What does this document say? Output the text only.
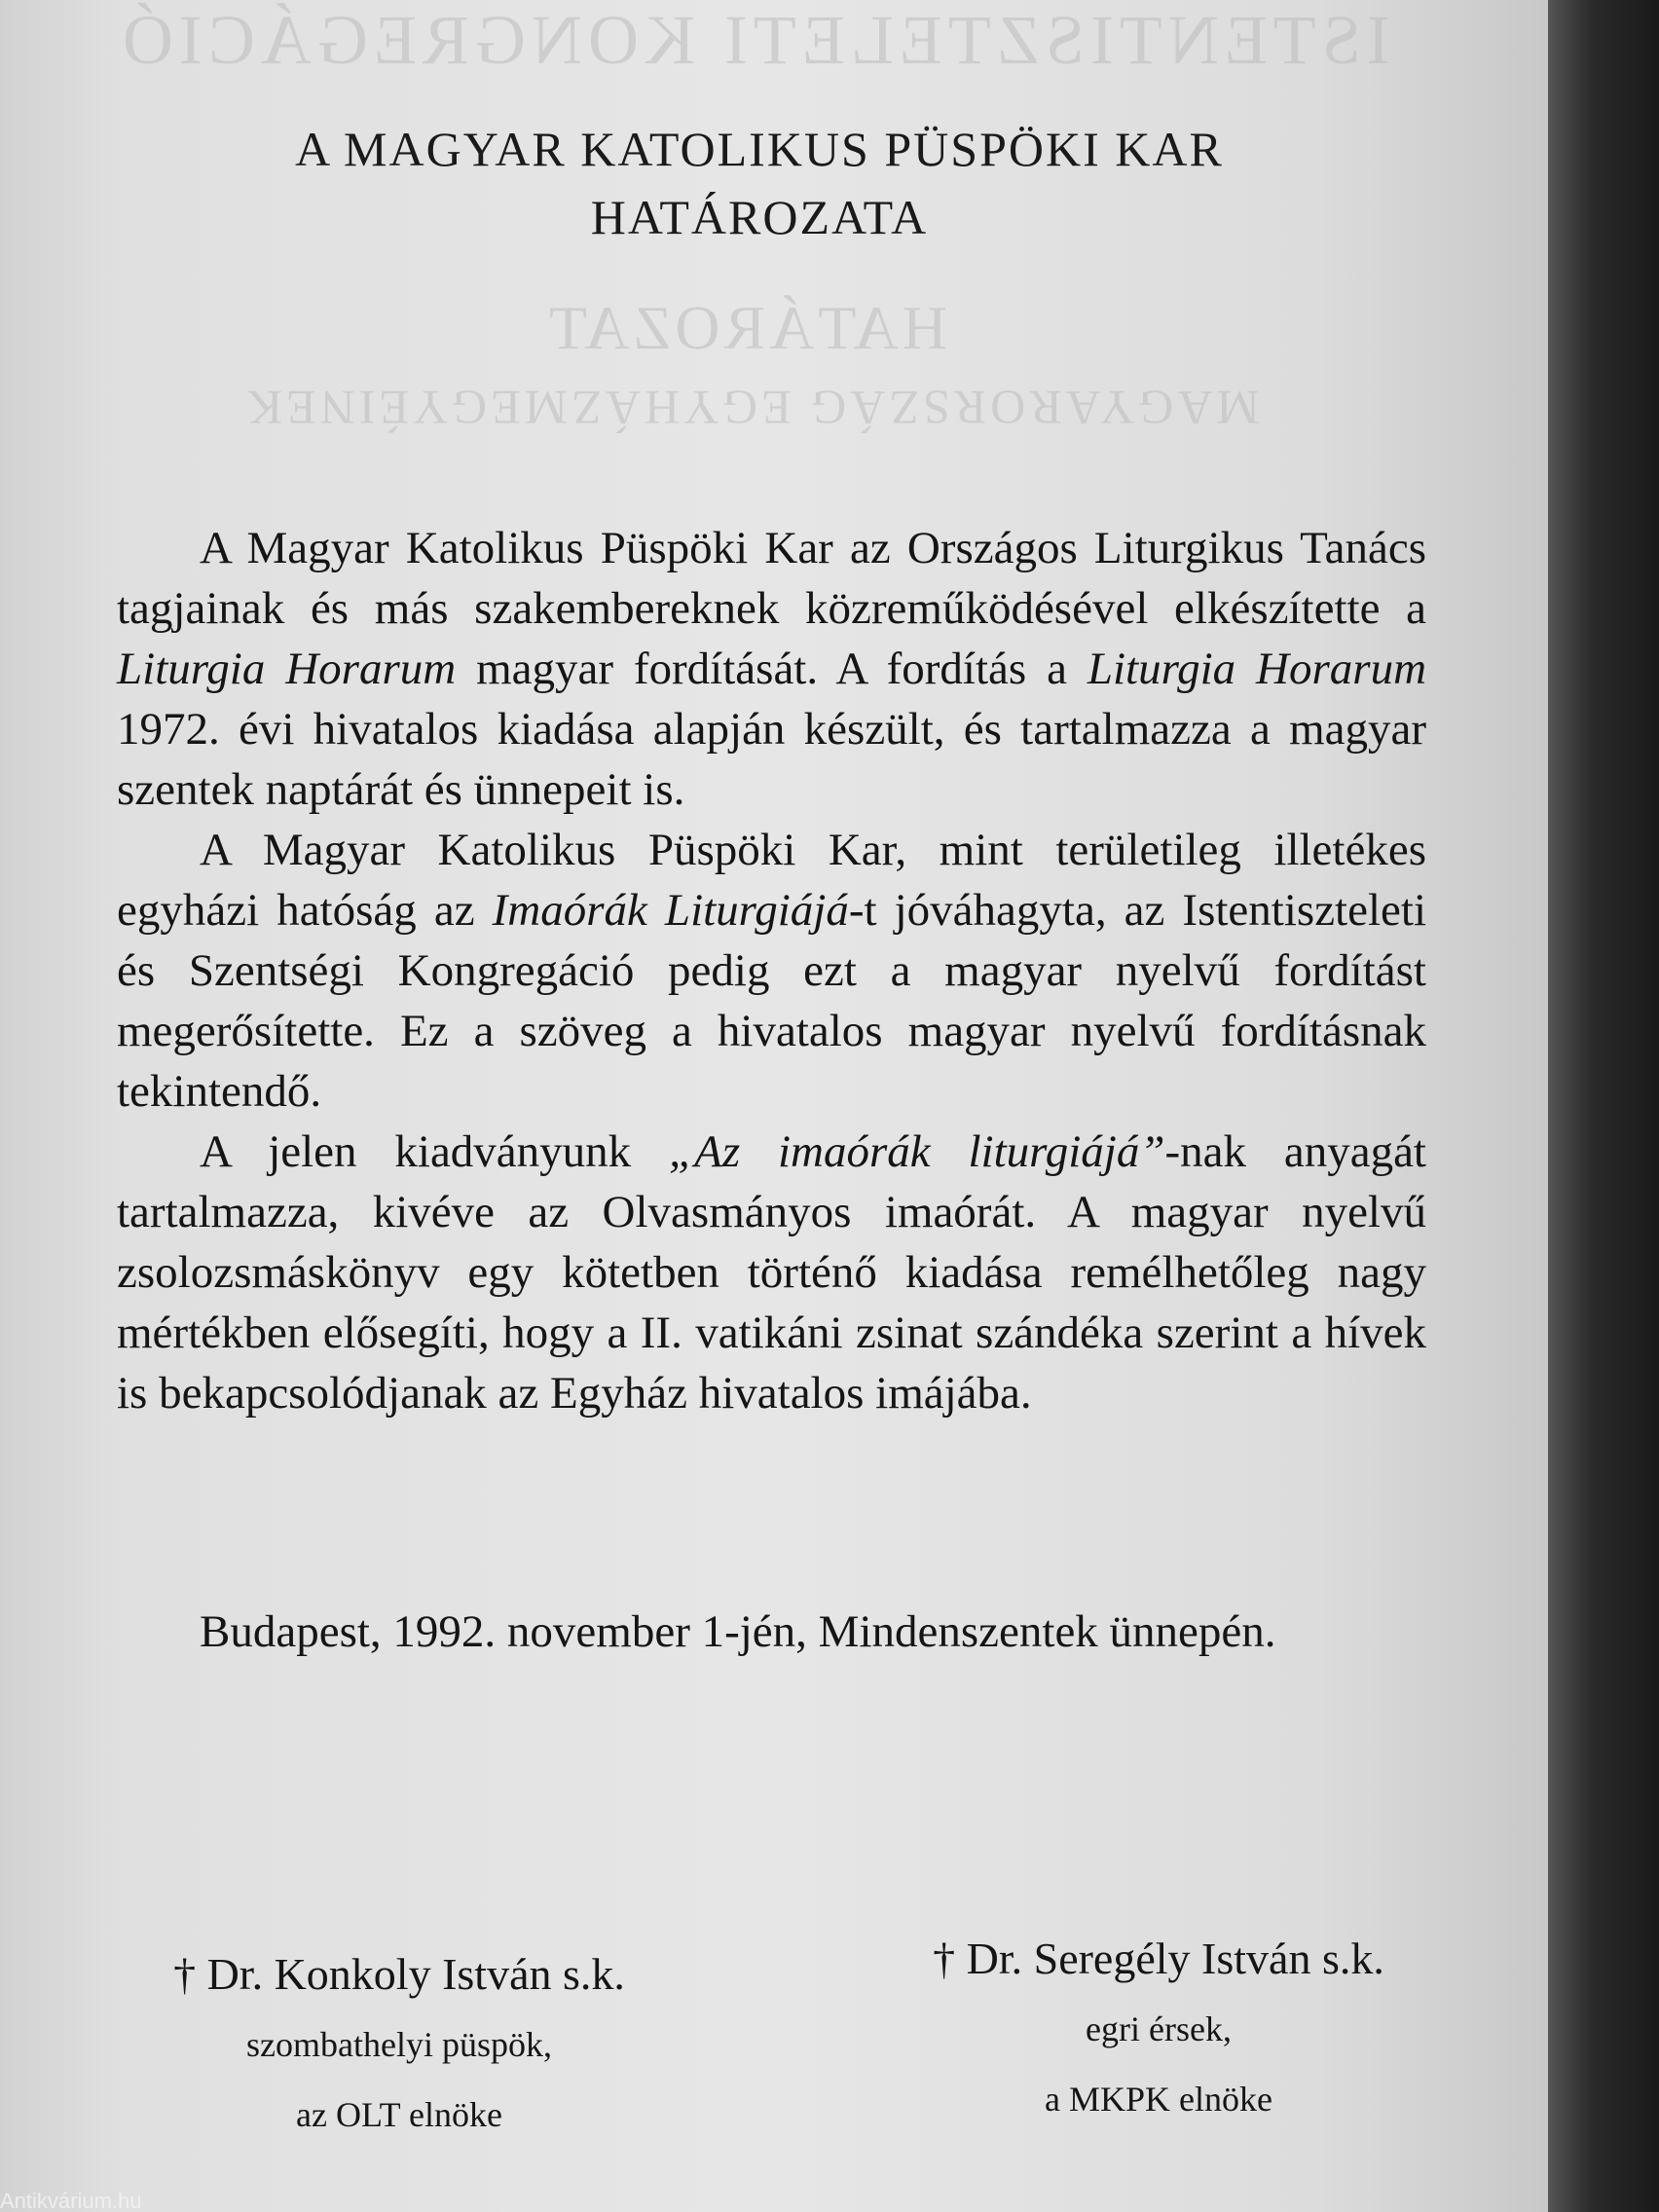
ISTENTISZTELETI KONGREGÁCIÓ
HATÁROZAT
MAGYARORSZÁG EGYHÁZMEGYÉINEK
A MAGYAR KATOLIKUS PÜSPÖKI KAR
HATÁROZATA

A Magyar Katolikus Püspöki Kar az Országos Liturgikus Tanács tagjainak és más szakembereknek közreműködésével elkészítette a Liturgia Horarum magyar fordítását. A fordítás a Liturgia Horarum 1972. évi hivatalos kiadása alapján készült, és tartalmazza a magyar szentek naptárát és ünnepeit is.

A Magyar Katolikus Püspöki Kar, mint területileg illetékes egyházi hatóság az Imaórák Liturgiájá-t jóváhagyta, az Istentiszteleti és Szentségi Kongregáció pedig ezt a magyar nyelvű fordítást megerősítette. Ez a szöveg a hivatalos magyar nyelvű fordításnak tekintendő.

A jelen kiadványunk „Az imaórák liturgiájá”-nak anyagát tartalmazza, kivéve az Olvasmányos imaórát. A magyar nyelvű zsolozsmáskönyv egy kötetben történő kiadása remélhetőleg nagy mértékben elősegíti, hogy a II. vatikáni zsinat szándéka szerint a hívek is bekapcsolódjanak az Egyház hivatalos imájába.

Budapest, 1992. november 1-jén, Mindenszentek ünnepén.
† Dr. Konkoly István s.k.
szombathelyi püspök,
az OLT elnöke
† Dr. Seregély István s.k.
egri érsek,
a MKPK elnöke
Antikvárium.hu
